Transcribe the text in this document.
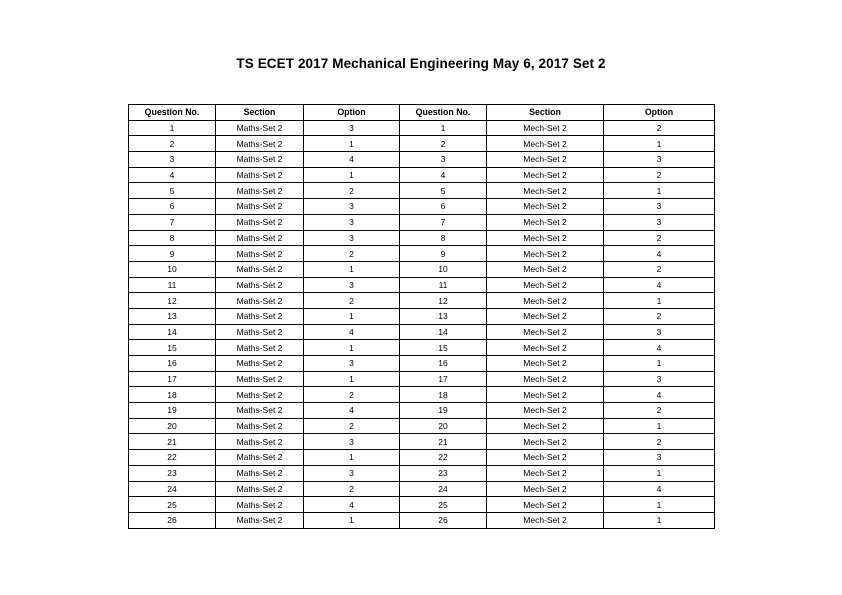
TS ECET 2017 Mechanical Engineering May 6, 2017 Set 2
Question No.	Section	Option	Question No.	Section	Option
1	Maths-Set 2	3	1	Mech-Set 2	2
2	Maths-Set 2	1	2	Mech-Set 2	1
3	Maths-Set 2	4	3	Mech-Set 2	3
4	Maths-Set 2	1	4	Mech-Set 2	2
5	Maths-Set 2	2	5	Mech-Set 2	1
6	Maths-Set 2	3	6	Mech-Set 2	3
7	Maths-Set 2	3	7	Mech-Set 2	3
8	Maths-Set 2	3	8	Mech-Set 2	2
9	Maths-Set 2	2	9	Mech-Set 2	4
10	Maths-Set 2	1	10	Mech-Set 2	2
11	Maths-Set 2	3	11	Mech-Set 2	4
12	Maths-Set 2	2	12	Mech-Set 2	1
13	Maths-Set 2	1	13	Mech-Set 2	2
14	Maths-Set 2	4	14	Mech-Set 2	3
15	Maths-Set 2	1	15	Mech-Set 2	4
16	Maths-Set 2	3	16	Mech-Set 2	1
17	Maths-Set 2	1	17	Mech-Set 2	3
18	Maths-Set 2	2	18	Mech-Set 2	4
19	Maths-Set 2	4	19	Mech-Set 2	2
20	Maths-Set 2	2	20	Mech-Set 2	1
21	Maths-Set 2	3	21	Mech-Set 2	2
22	Maths-Set 2	1	22	Mech-Set 2	3
23	Maths-Set 2	3	23	Mech-Set 2	1
24	Maths-Set 2	2	24	Mech-Set 2	4
25	Maths-Set 2	4	25	Mech-Set 2	1
26	Maths-Set 2	1	26	Mech-Set 2	1
